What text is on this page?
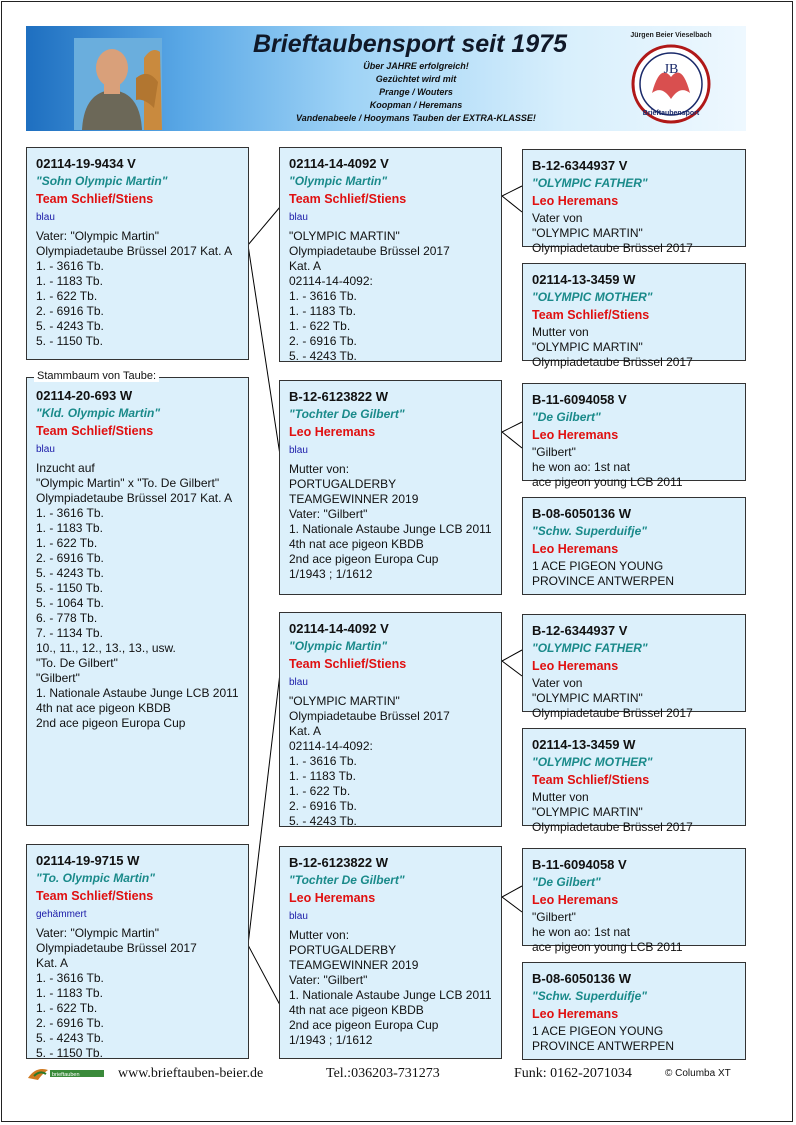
Brieftaubensport seit 1975
Über JAHRE erfolgreich!
Gezüchtet wird mit
Prange / Wouters
Koopman / Heremans
Vandenabeele / Hooymans Tauben der EXTRA-KLASSE!
Jürgen Beier Vieselbach
JB
Brieftaubensport
02114-19-9434 V
"Sohn Olympic Martin"
Team Schlief/Stiens
blau
Vater: "Olympic Martin"
Olympiadetaube Brüssel 2017 Kat. A
1. - 3616 Tb.
1. - 1183 Tb.
1. - 622 Tb.
2. - 6916 Tb.
5. - 4243 Tb.
5. - 1150 Tb.
02114-20-693 W
"Kld. Olympic Martin"
Team Schlief/Stiens
blau
Inzucht auf
"Olympic Martin" x "To. De Gilbert"
Olympiadetaube Brüssel 2017 Kat. A
1. - 3616 Tb.
1. - 1183 Tb.
1. - 622 Tb.
2. - 6916 Tb.
5. - 4243 Tb.
5. - 1150 Tb.
5. - 1064 Tb.
6. - 778 Tb.
7. - 1134 Tb.
10., 11., 12., 13., 13., usw.
"To. De Gilbert"
"Gilbert"
1. Nationale Astaube Junge LCB 2011
4th nat ace pigeon KBDB
2nd ace pigeon Europa Cup
Stammbaum von Taube:
02114-19-9715 W
"To. Olympic Martin"
Team Schlief/Stiens
gehämmert
Vater: "Olympic Martin"
Olympiadetaube Brüssel 2017
Kat. A
1. - 3616 Tb.
1. - 1183 Tb.
1. - 622 Tb.
2. - 6916 Tb.
5. - 4243 Tb.
5. - 1150 Tb.
02114-14-4092 V
"Olympic Martin"
Team Schlief/Stiens
blau
"OLYMPIC MARTIN"
Olympiadetaube Brüssel 2017
Kat. A
02114-14-4092:
1. - 3616 Tb.
1. - 1183 Tb.
1. - 622 Tb.
2. - 6916 Tb.
5. - 4243 Tb.
B-12-6123822 W
"Tochter De Gilbert"
Leo Heremans
blau
Mutter von:
PORTUGALDERBY
TEAMGEWINNER 2019
Vater: "Gilbert"
1. Nationale Astaube Junge LCB 2011
4th nat ace pigeon KBDB
2nd ace pigeon Europa Cup
1/1943 ; 1/1612
02114-14-4092 V
"Olympic Martin"
Team Schlief/Stiens
blau
"OLYMPIC MARTIN"
Olympiadetaube Brüssel 2017
Kat. A
02114-14-4092:
1. - 3616 Tb.
1. - 1183 Tb.
1. - 622 Tb.
2. - 6916 Tb.
5. - 4243 Tb.
B-12-6123822 W
"Tochter De Gilbert"
Leo Heremans
blau
Mutter von:
PORTUGALDERBY
TEAMGEWINNER 2019
Vater: "Gilbert"
1. Nationale Astaube Junge LCB 2011
4th nat ace pigeon KBDB
2nd ace pigeon Europa Cup
1/1943 ; 1/1612
B-12-6344937 V
"OLYMPIC FATHER"
Leo Heremans
Vater von
"OLYMPIC MARTIN"
Olympiadetaube Brüssel 2017
02114-13-3459 W
"OLYMPIC MOTHER"
Team Schlief/Stiens
Mutter von
"OLYMPIC MARTIN"
Olympiadetaube Brüssel 2017
B-11-6094058 V
"De Gilbert"
Leo Heremans
"Gilbert"
he won ao: 1st nat
ace pigeon young LCB 2011
B-08-6050136 W
"Schw. Superduifje"
Leo Heremans
1 ACE PIGEON YOUNG
PROVINCE ANTWERPEN
B-12-6344937 V
"OLYMPIC FATHER"
Leo Heremans
Vater von
"OLYMPIC MARTIN"
Olympiadetaube Brüssel 2017
02114-13-3459 W
"OLYMPIC MOTHER"
Team Schlief/Stiens
Mutter von
"OLYMPIC MARTIN"
Olympiadetaube Brüssel 2017
B-11-6094058 V
"De Gilbert"
Leo Heremans
"Gilbert"
he won ao: 1st nat
ace pigeon young LCB 2011
B-08-6050136 W
"Schw. Superduifje"
Leo Heremans
1 ACE PIGEON YOUNG
PROVINCE ANTWERPEN
brieftauben	www.brieftauben-beier.de	Tel.:036203-731273	Funk: 0162-2071034	© Columba XT
